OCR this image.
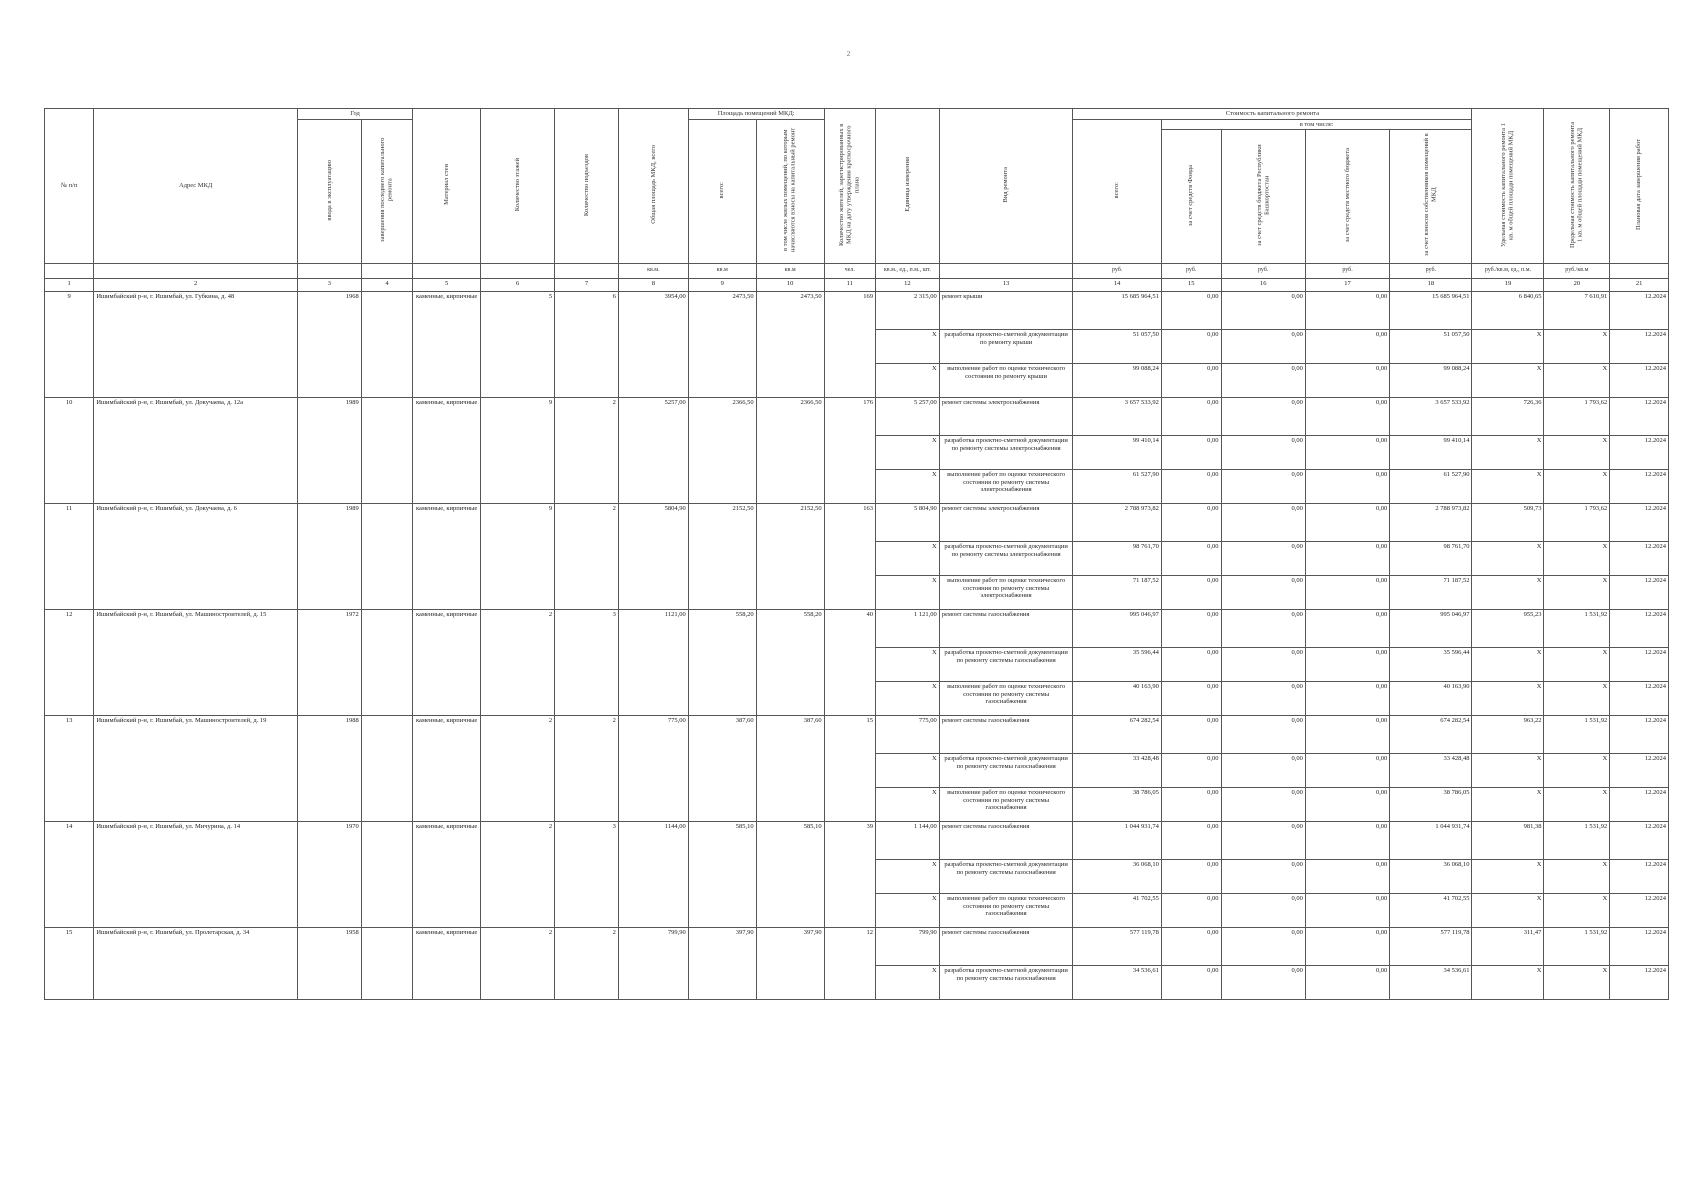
2
№ п/п	Адрес МКД	Год		Материал стен	Количество этажей	Количество подъездов	Общая площадь МКД, всего	Площадь помещений МКД:		Количество жителей, зарегистрированных в МКД на дату утверждения краткосрочного плана	Единица измерения	Вид ремонта	Стоимость капитального ремонта					Удельная стоимость капитального ремонта 1 кв. м общей площади помещений МКД	Предельная стоимость капитального ремонта 1 кв. м общей площади помещений МКД	Плановая дата завершения работ
		ввода в эксплуатацию	завершения последнего капитального ремонта					всего:	в том числе жилых помещений, по которым начисляются взносы на капитальный ремонт				всего:	в том числе:						
														за счет средств Фонда	за счет средств бюджета Республики Башкортостан	за счет средств местного бюджета	за счет взносов собственников помещений в МКД			
							кв.м.	кв.м	кв.м	чел.	кв.м., ед., п.м., шт.		руб.	руб.	руб.	руб.	руб.	руб./кв.м, ед., п.м.	руб./кв.м	
1	2	3	4	5	6	7	8	9	10	11	12	13	14	15	16	17	18	19	20	21
9	Ишимбайский р-н, г. Ишимбай, ул. Губкина, д. 48	1968		каменные, кирпичные	5	6	3954,00	2473,50	2473,50	169	2 315,00	ремонт крыши	15 685 964,51	0,00	0,00	0,00	15 685 964,51	6 840,65	7 610,91	12.2024
											X	разработка проектно-сметной документации по ремонту крыши	51 057,50	0,00	0,00	0,00	51 057,50	X	X	12.2024
											X	выполнение работ по оценке технического состояния по ремонту крыши	99 088,24	0,00	0,00	0,00	99 088,24	X	X	12.2024
10	Ишимбайский р-н, г. Ишимбай, ул. Докучаева, д. 12а	1989		каменные, кирпичные	9	2	5257,00	2366,50	2366,50	176	5 257,00	ремонт системы электроснабжения	3 657 533,92	0,00	0,00	0,00	3 657 533,92	726,36	1 793,62	12.2024
											X	разработка проектно-сметной документации по ремонту системы электроснабжения	99 410,14	0,00	0,00	0,00	99 410,14	X	X	12.2024
											X	выполнение работ по оценке технического состояния по ремонту системы электроснабжения	61 527,90	0,00	0,00	0,00	61 527,90	X	X	12.2024
11	Ишимбайский р-н, г. Ишимбай, ул. Докучаева, д. 6	1989		каменные, кирпичные	9	2	5804,90	2152,50	2152,50	163	5 804,90	ремонт системы электроснабжения	2 788 973,82	0,00	0,00	0,00	2 788 973,82	509,73	1 793,62	12.2024
											X	разработка проектно-сметной документации по ремонту системы электроснабжения	98 761,70	0,00	0,00	0,00	98 761,70	X	X	12.2024
											X	выполнение работ по оценке технического состояния по ремонту системы электроснабжения	71 187,52	0,00	0,00	0,00	71 187,52	X	X	12.2024
12	Ишимбайский р-н, г. Ишимбай, ул. Машиностроителей, д. 15	1972		каменные, кирпичные	2	3	1121,00	558,20	558,20	40	1 121,00	ремонт системы газоснабжения	995 046,97	0,00	0,00	0,00	995 046,97	955,23	1 531,92	12.2024
											X	разработка проектно-сметной документации по ремонту системы газоснабжения	35 596,44	0,00	0,00	0,00	35 596,44	X	X	12.2024
											X	выполнение работ по оценке технического состояния по ремонту системы газоснабжения	40 163,90	0,00	0,00	0,00	40 163,90	X	X	12.2024
13	Ишимбайский р-н, г. Ишимбай, ул. Машиностроителей, д. 19	1988		каменные, кирпичные	2	2	775,00	387,60	387,60	15	775,00	ремонт системы газоснабжения	674 282,54	0,00	0,00	0,00	674 282,54	963,22	1 531,92	12.2024
											X	разработка проектно-сметной документации по ремонту системы газоснабжения	33 428,48	0,00	0,00	0,00	33 428,48	X	X	12.2024
											X	выполнение работ по оценке технического состояния по ремонту системы газоснабжения	38 786,05	0,00	0,00	0,00	38 786,05	X	X	12.2024
14	Ишимбайский р-н, г. Ишимбай, ул. Мичурина, д. 14	1970		каменные, кирпичные	2	3	1144,00	585,10	585,10	39	1 144,00	ремонт системы газоснабжения	1 044 931,74	0,00	0,00	0,00	1 044 931,74	981,38	1 531,92	12.2024
											X	разработка проектно-сметной документации по ремонту системы газоснабжения	36 068,10	0,00	0,00	0,00	36 068,10	X	X	12.2024
											X	выполнение работ по оценке технического состояния по ремонту системы газоснабжения	41 702,55	0,00	0,00	0,00	41 702,55	X	X	12.2024
15	Ишимбайский р-н, г. Ишимбай, ул. Пролетарская, д. 34	1958		каменные, кирпичные	2	2	799,90	397,90	397,90	12	799,90	ремонт системы газоснабжения	577 119,78	0,00	0,00	0,00	577 119,78	311,47	1 531,92	12.2024
											X	разработка проектно-сметной документации по ремонту системы газоснабжения	34 536,61	0,00	0,00	0,00	34 536,61	X	X	12.2024
